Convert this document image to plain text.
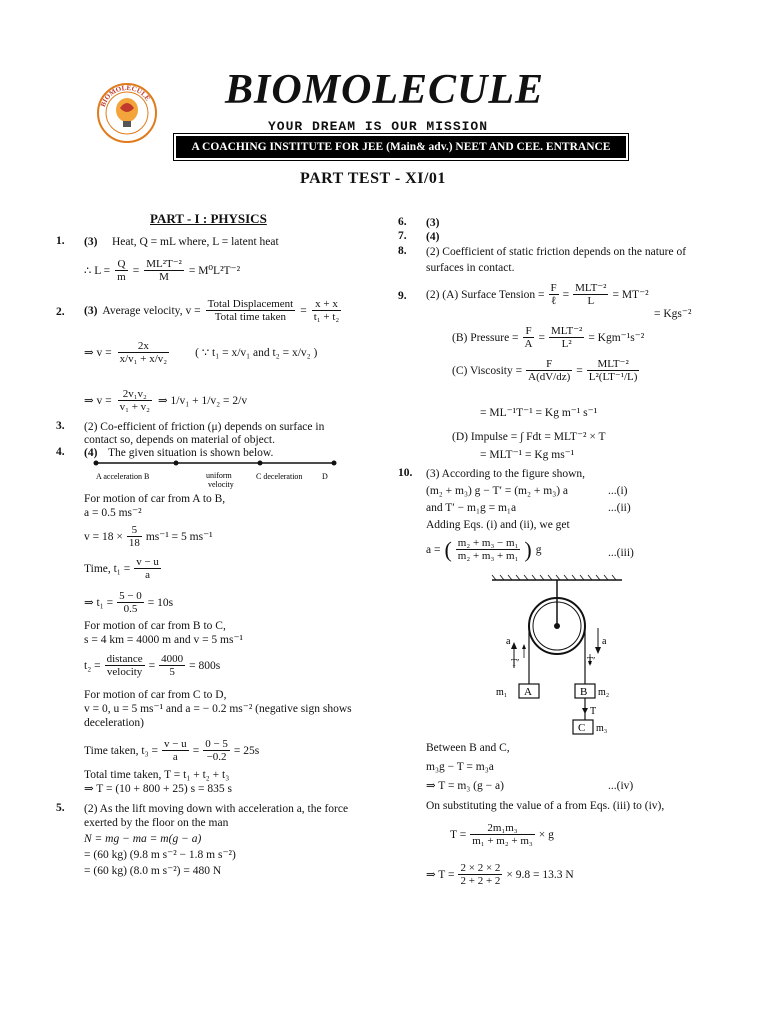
BIOMOLECULE BIOMOLECULE
YOUR DREAM IS OUR MISSION
A COACHING INSTITUTE FOR JEE (Main& adv.) NEET AND CEE. ENTRANCE
PART TEST - XI/01
PART - I : PHYSICS
1. (3) Heat, Q = mL where, L = latent heat
∴ $L = \frac{Q}{m} = \frac{\text{ML²T⁻²}}{M} = M^0L^2T^{-2}$
2. (3) Average velocity, $v = \frac{\text{Total Displacement}}{\text{Total time taken}} = \frac{x + x}{\text{t₁ + t₂}}$
⇒ $v = \frac{2x}{\text{x/v₁ + x/v₂}}$ ( ∵ t₁ = x/v₁ and t₂ = x/v₂ )
⇒ $v = \frac{\text{2v₁v₂}}{\text{v₁ + v₂}}$ ⇒ 1/v₁ + 1/v₂ = 2/v
3. (2) Co-efficient of friction (μ) depends on surface in
contact so, depends on material of object.
4. (4) The given situation is shown below.
A acceleration B	uniform
velocity
C deceleration D
For motion of car from A to B,
a = 0.5 ms⁻²
$v = 18 \times \frac{5}{18} ms^{-1} = 5$ ms⁻¹
Time, $t_1 = \frac{v - u}{a}$
⇒ $t_1 = \frac{5 - 0}{0.5} = 10s$
For motion of car from B to C,
s = 4 km = 4000 m and v = 5 ms⁻¹
$t_2 = \frac{\text{distance}}{\text{velocity}} = \frac{4000}{5} = 800s$
For motion of car from C to D,
v = 0, u = 5 ms⁻¹ and a = − 0.2 ms⁻² (negative sign shows
deceleration)
Time taken, $t_3 = \frac{v - u}{a} = \frac{0 - 5}{-0.2} = 25s$
Total time taken, T = t₁ + t₂ + t₃
⇒ T = (10 + 800 + 25) s = 835 s
5. (2) As the lift moving down with acceleration a, the force
exerted by the floor on the man
N = mg − ma = m(g − a)
= (60 kg) (9.8 m s⁻² − 1.8 m s⁻²)
= (60 kg) (8.0 m s⁻²) = 480 N
6. (3)
7. (4)
8. (2) Coefficient of static friction depends on the nature of
surfaces in contact.
9. (2) (A) Surface Tension = $\frac{F}{\text{ℓ}} = \frac{\text{MLT⁻²}}{L} = MT^{-2}$
= Kgs⁻²
(B) Pressure = $\frac{F}{A} = \frac{\text{MLT⁻²}}{\text{L²}} = Kgm^{-1}s^{-2}$
(C) Viscosity = $\frac{F}{A(dV/dz)} = \frac{\text{MLT⁻²}}{\text{L²(LT⁻¹/L)}}$
= ML⁻¹T⁻¹ = Kg m⁻¹ s⁻¹
(D) Impulse = ∫ Fdt = MLT⁻² × T
= MLT⁻¹ = Kg ms⁻¹
10. (3) According to the figure shown,
(m₂ + m₃) g − T′ = (m₂ + m₃) a	...(i)
and T′ − m₁g = m₁a	...(ii)
Adding Eqs. (i) and (ii), we get
a = ( $\frac{\text{m₂ + m₃ − m₁}}{\text{m₂ + m₃ + m₁}}$ ) g	...(iii)
a
T′
a
T′
A
m₁	B m₂
T
C m₃
Between B and C,
m₃g − T = m₃a
⇒ T = m₃ (g − a)	...(iv)
On substituting the value of a from Eqs. (iii) to (iv),
$T = \frac{\text{2m₁m₃}}{\text{m₁ + m₂ + m₃}} \times g$
⇒ $T = \frac{2 \times 2 \times 2}{2 + 2 + 2} \times 9.8 = 13.3$ N
